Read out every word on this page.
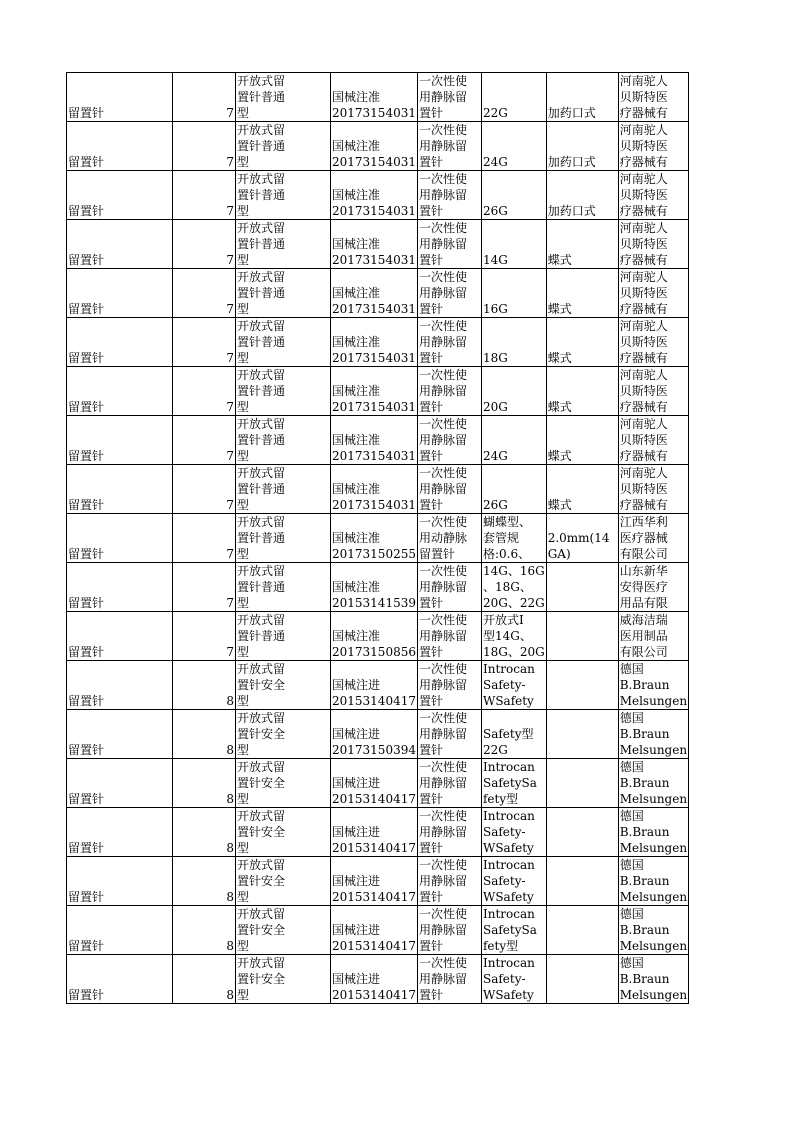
留置针	7	开放式留
置针普通
型	国械注准
20173154031	一次性使
用静脉留
置针	22G	加药口式	河南驼人
贝斯特医
疗器械有

留置针	7	开放式留
置针普通
型	国械注准
20173154031	一次性使
用静脉留
置针	24G	加药口式	河南驼人
贝斯特医
疗器械有

留置针	7	开放式留
置针普通
型	国械注准
20173154031	一次性使
用静脉留
置针	26G	加药口式	河南驼人
贝斯特医
疗器械有

留置针	7	开放式留
置针普通
型	国械注准
20173154031	一次性使
用静脉留
置针	14G	蝶式	河南驼人
贝斯特医
疗器械有

留置针	7	开放式留
置针普通
型	国械注准
20173154031	一次性使
用静脉留
置针	16G	蝶式	河南驼人
贝斯特医
疗器械有

留置针	7	开放式留
置针普通
型	国械注准
20173154031	一次性使
用静脉留
置针	18G	蝶式	河南驼人
贝斯特医
疗器械有

留置针	7	开放式留
置针普通
型	国械注准
20173154031	一次性使
用静脉留
置针	20G	蝶式	河南驼人
贝斯特医
疗器械有

留置针	7	开放式留
置针普通
型	国械注准
20173154031	一次性使
用静脉留
置针	24G	蝶式	河南驼人
贝斯特医
疗器械有

留置针	7	开放式留
置针普通
型	国械注准
20173154031	一次性使
用静脉留
置针	26G	蝶式	河南驼人
贝斯特医
疗器械有

留置针	7	开放式留
置针普通
型	国械注准
20173150255	一次性使
用动静脉
留置针	蝴蝶型、
套管规
格:0.6、	2.0mm(14
GA)	江西华利
医疗器械
有限公司

留置针	7	开放式留
置针普通
型	国械注准
20153141539	一次性使
用静脉留
置针	14G、16G
、18G、
20G、22G		山东新华
安得医疗
用品有限

留置针	7	开放式留
置针普通
型	国械注准
20173150856	一次性使
用静脉留
置针	开放式I
型14G、
18G、20G		威海洁瑞
医用制品
有限公司

留置针	8	开放式留
置针安全
型	国械注进
20153140417	一次性使
用静脉留
置针	Introcan
Safety-
WSafety		德国
B.Braun
Melsungen

留置针	8	开放式留
置针安全
型	国械注进
20173150394	一次性使
用静脉留
置针	Safety型
22G		德国
B.Braun
Melsungen

留置针	8	开放式留
置针安全
型	国械注进
20153140417	一次性使
用静脉留
置针	Introcan
SafetySa
fety型		德国
B.Braun
Melsungen

留置针	8	开放式留
置针安全
型	国械注进
20153140417	一次性使
用静脉留
置针	Introcan
Safety-
WSafety		德国
B.Braun
Melsungen

留置针	8	开放式留
置针安全
型	国械注进
20153140417	一次性使
用静脉留
置针	Introcan
Safety-
WSafety		德国
B.Braun
Melsungen

留置针	8	开放式留
置针安全
型	国械注进
20153140417	一次性使
用静脉留
置针	Introcan
SafetySa
fety型		德国
B.Braun
Melsungen

留置针	8	开放式留
置针安全
型	国械注进
20153140417	一次性使
用静脉留
置针	Introcan
Safety-
WSafety		德国
B.Braun
Melsungen
